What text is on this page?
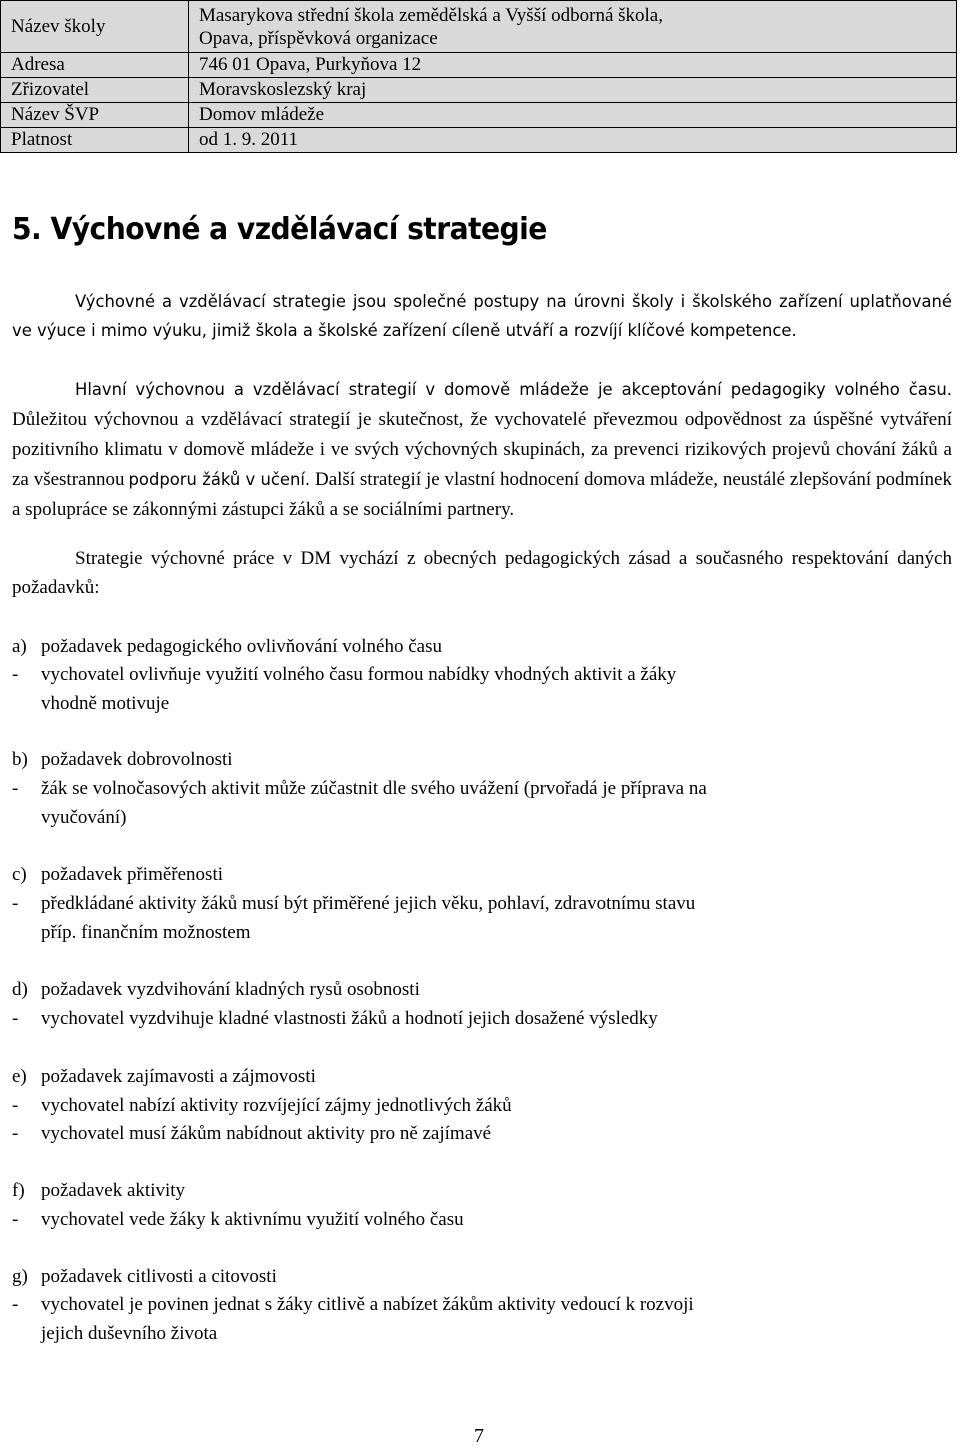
Název školy	Masarykova střední škola zemědělská a Vyšší odborná škola,
Opava, příspěvková organizace

Adresa	746 01 Opava, Purkyňova 12
Zřizovatel	Moravskoslezský kraj
Název ŠVP	Domov mládeže
Platnost	od 1. 9. 2011
5. Výchovné a vzdělávací strategie

Výchovné a vzdělávací strategie jsou společné postupy na úrovni školy i školského zařízení uplatňované ve výuce i mimo výuku, jimiž škola a školské zařízení cíleně utváří a rozvíjí klíčové kompetence.

Hlavní výchovnou a vzdělávací strategií v domově mládeže je akceptování pedagogiky volného času. Důležitou výchovnou a vzdělávací strategií je skutečnost, že vychovatelé převezmou odpovědnost za úspěšné vytváření pozitivního klimatu v domově mládeže i ve svých výchovných skupinách, za prevenci rizikových projevů chování žáků a za všestrannou podporu žáků v učení. Další strategií je vlastní hodnocení domova mládeže, neustálé zlepšování podmínek a spolupráce se zákonnými zástupci žáků a se sociálními partnery.

Strategie výchovné práce v DM vychází z obecných pedagogických zásad a současného respektování daných požadavků:

a) požadavek pedagogického ovlivňování volného času

- vychovatel ovlivňuje využití volného času formou nabídky vhodných aktivit a žáky

vhodně motivuje

b) požadavek dobrovolnosti

- žák se volnočasových aktivit může zúčastnit dle svého uvážení (prvořadá je příprava na

vyučování)

c) požadavek přiměřenosti

- předkládané aktivity žáků musí být přiměřené jejich věku, pohlaví, zdravotnímu stavu

příp. finančním možnostem

d) požadavek vyzdvihování kladných rysů osobnosti

- vychovatel vyzdvihuje kladné vlastnosti žáků a hodnotí jejich dosažené výsledky

e) požadavek zajímavosti a zájmovosti

- vychovatel nabízí aktivity rozvíjející zájmy jednotlivých žáků

- vychovatel musí žákům nabídnout aktivity pro ně zajímavé

f) požadavek aktivity

- vychovatel vede žáky k aktivnímu využití volného času

g) požadavek citlivosti a citovosti

- vychovatel je povinen jednat s žáky citlivě a nabízet žákům aktivity vedoucí k rozvoji

jejich duševního života

7
